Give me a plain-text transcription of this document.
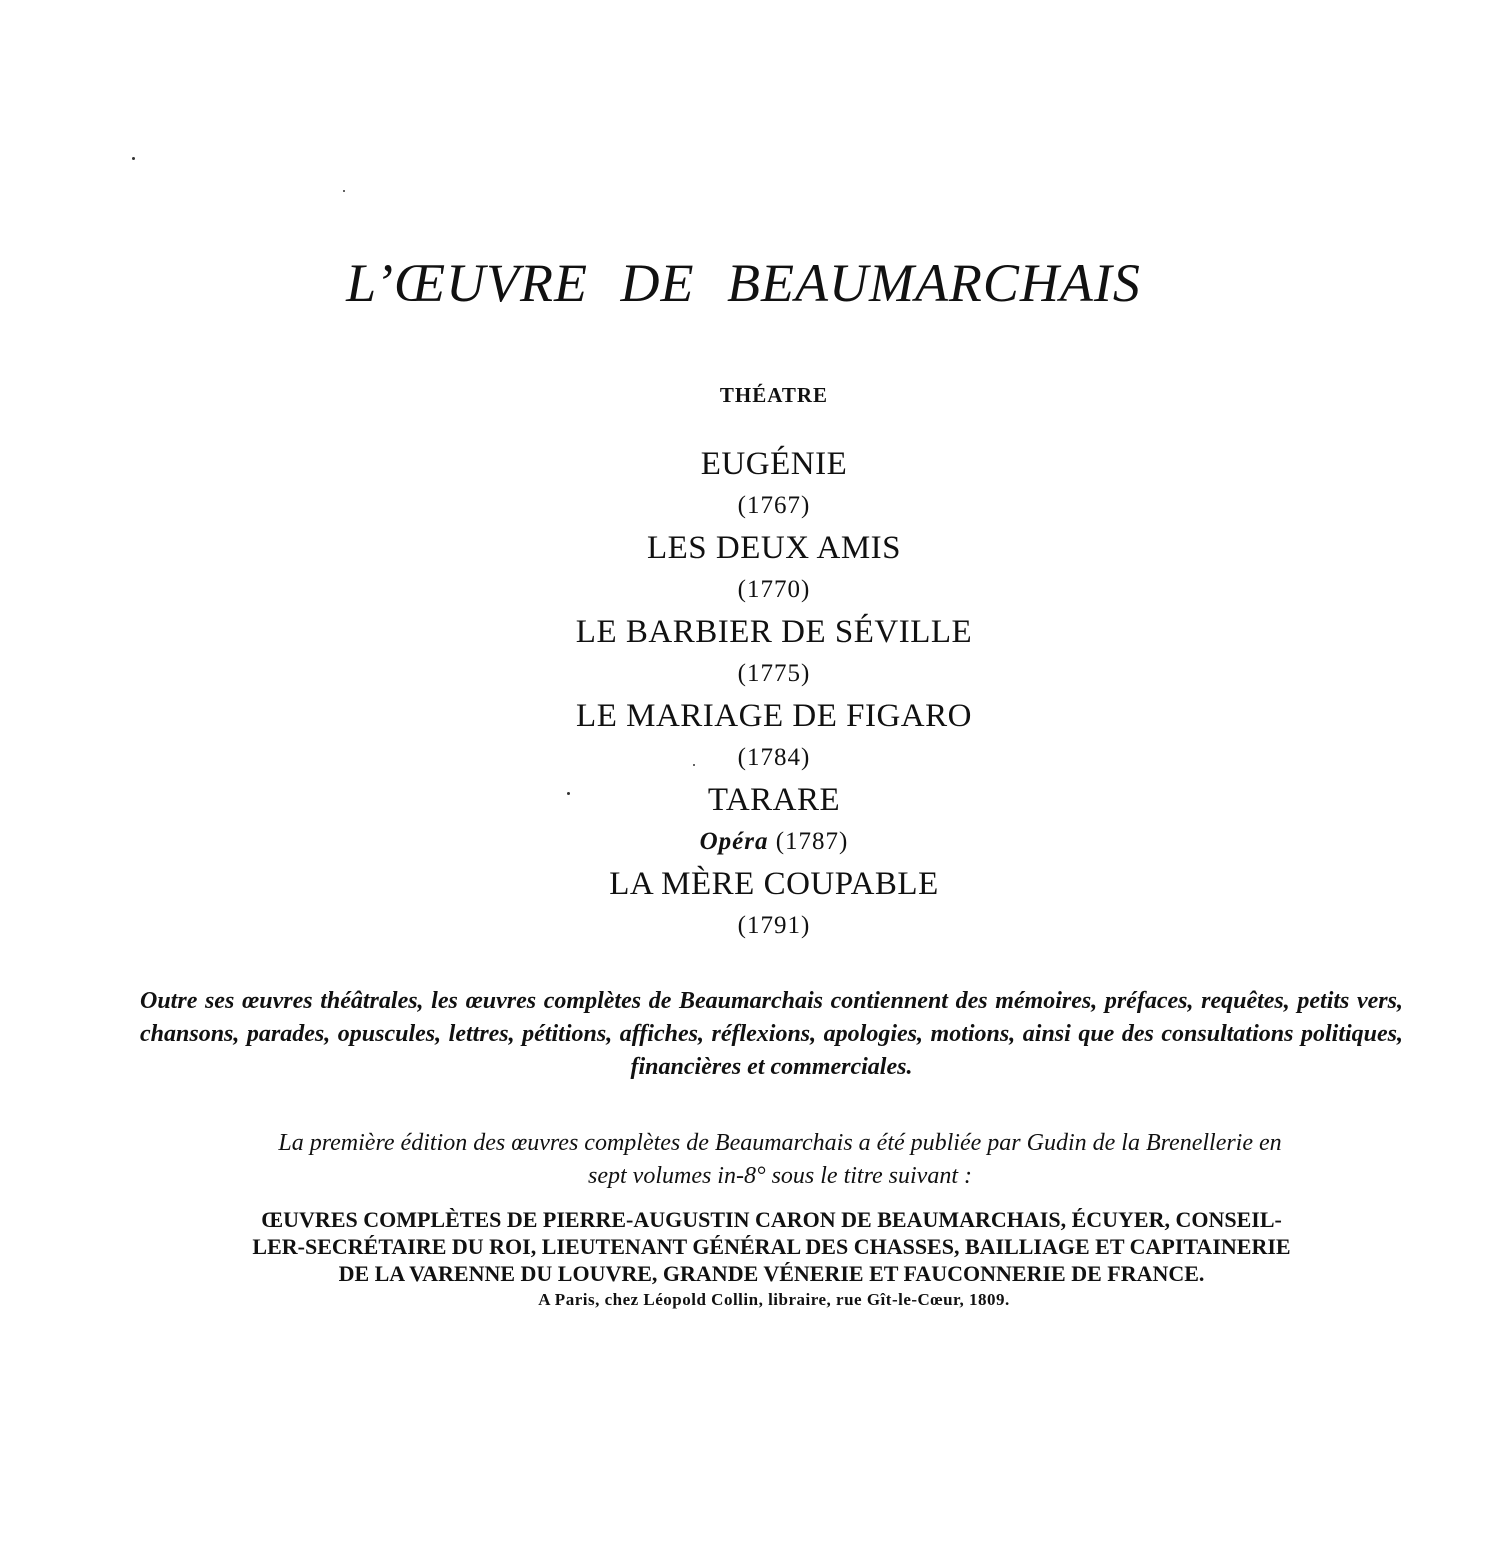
L’ŒUVRE DE BEAUMARCHAIS
THÉATRE
EUGÉNIE
(1767)
LES DEUX AMIS
(1770)
LE BARBIER DE SÉVILLE
(1775)
LE MARIAGE DE FIGARO
(1784)
TARARE
Opéra (1787)
LA MÈRE COUPABLE
(1791)

Outre ses œuvres théâtrales, les œuvres complètes de Beaumarchais contiennent des mémoires, préfaces, requêtes, petits vers, chansons, parades, opuscules, lettres, pétitions, affiches, réflexions, apologies, motions, ainsi que des consultations politiques, financières et commerciales.

La première édition des œuvres complètes de Beaumarchais a été publiée par Gudin de la Brenellerie en
sept volumes in-8° sous le titre suivant :
ŒUVRES COMPLÈTES DE PIERRE-AUGUSTIN CARON DE BEAUMARCHAIS, ÉCUYER, CONSEIL-
LER-SECRÉTAIRE DU ROI, LIEUTENANT GÉNÉRAL DES CHASSES, BAILLIAGE ET CAPITAINERIE
DE LA VARENNE DU LOUVRE, GRANDE VÉNERIE ET FAUCONNERIE DE FRANCE.
A Paris, chez Léopold Collin, libraire, rue Gît-le-Cœur, 1809.
